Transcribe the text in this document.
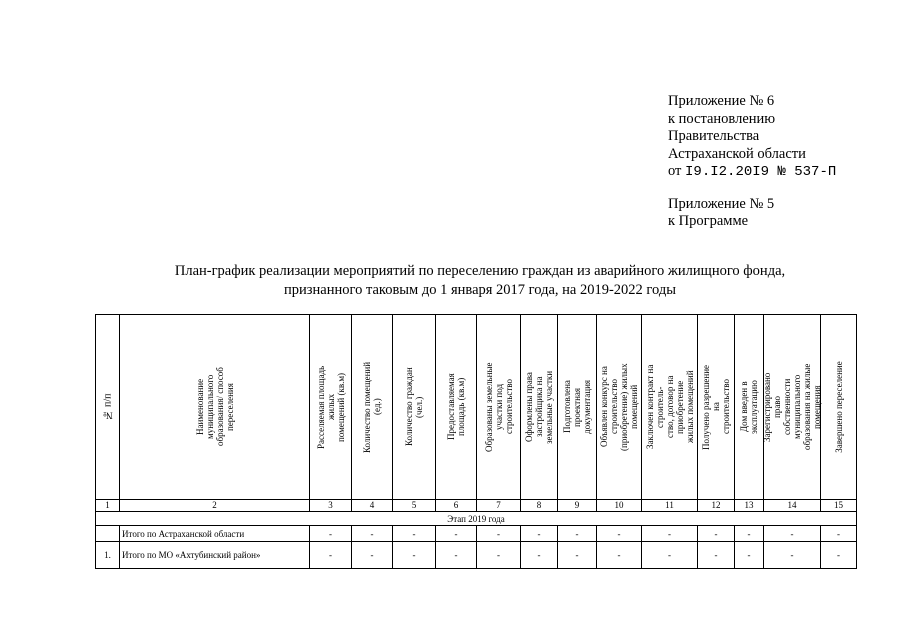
Приложение № 6
к постановлению
Правительства
Астраханской области
от I9.I2.20I9 № 537-П
Приложение № 5
к Программе
План-график реализации мероприятий по переселению граждан из аварийного жилищного фонда,
признанного таковым до 1 января 2017 года, на 2019-2022 годы
№ п/п	Наименование муниципального
образования/ способ переселения	Расселяемая площадь жилых
помещений (кв.м)	Количество помещений (ед.)	Количество граждан (чел.)	Предоставляемая площадь (кв.м)	Образованы земельные участки под
строительство	Оформлены права застройщика на
земельные участки	Подготовлена проектная
документация	Объявлен конкурс на строительство
(приобретение) жилых помещений	Заключен контракт на строитель-
ство, договор на приобретение
жилых помещений	Получено разрешение на
строительство	Дом введен в эксплуатацию	Зарегистрировано право
собственности муниципального
образования на жилые помещения	Завершено переселение

1	2	3	4	5	6	7	8	9	10	11	12	13	14	15
Этап 2019 года														
	Итого по Астраханской области	-	-	-	-	-	-	-	-	-	-	-	-	-
1.	Итого по МО «Ахтубинский район»	-	-	-	-	-	-	-	-	-	-	-	-	-
